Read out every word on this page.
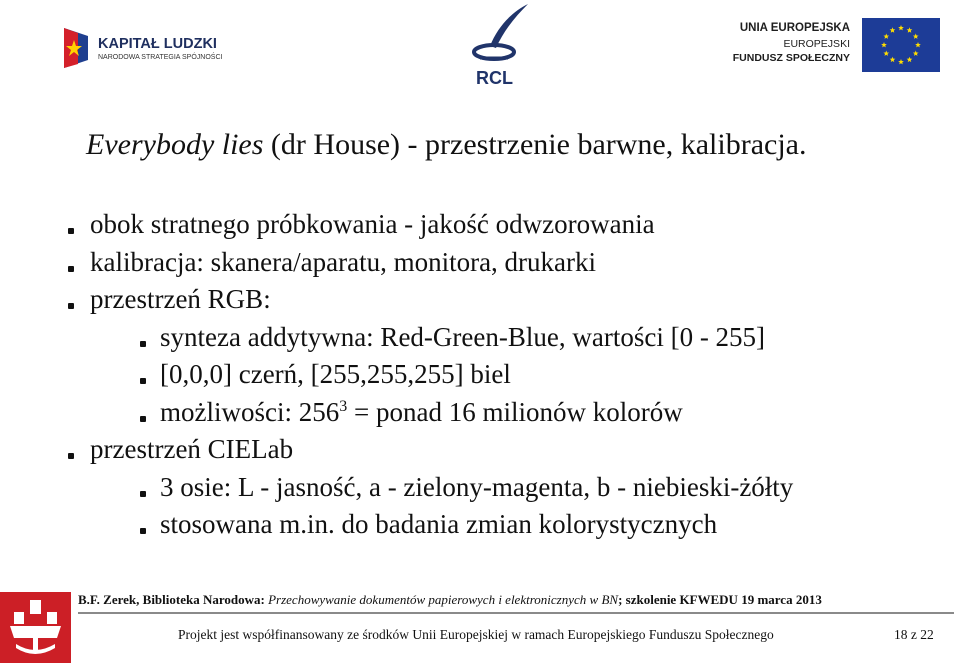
KAPITAŁ LUDZKI
NARODOWA STRATEGIA SPÓJNOŚCI
RCL
UNIA EUROPEJSKA
EUROPEJSKI
FUNDUSZ SPOŁECZNY
Everybody lies (dr House) - przestrzenie barwne, kalibracja.
obok stratnego próbkowania - jakość odwzorowania
kalibracja: skanera/aparatu, monitora, drukarki
przestrzeń RGB:
synteza addytywna: Red-Green-Blue, wartości [0 - 255]
[0,0,0] czerń, [255,255,255] biel
możliwości: $256^3$ = ponad 16 milionów kolorów
przestrzeń CIELab
3 osie: L - jasność, a - zielony-magenta, b - niebieski-żółty
stosowana m.in. do badania zmian kolorystycznych
B.F. Zerek, Biblioteka Narodowa: Przechowywanie dokumentów papierowych i elektronicznych w BN; szkolenie KFWEDU 19 marca 2013
Projekt jest współfinansowany ze środków Unii Europejskiej w ramach Europejskiego Funduszu Społecznego	18 z 22
